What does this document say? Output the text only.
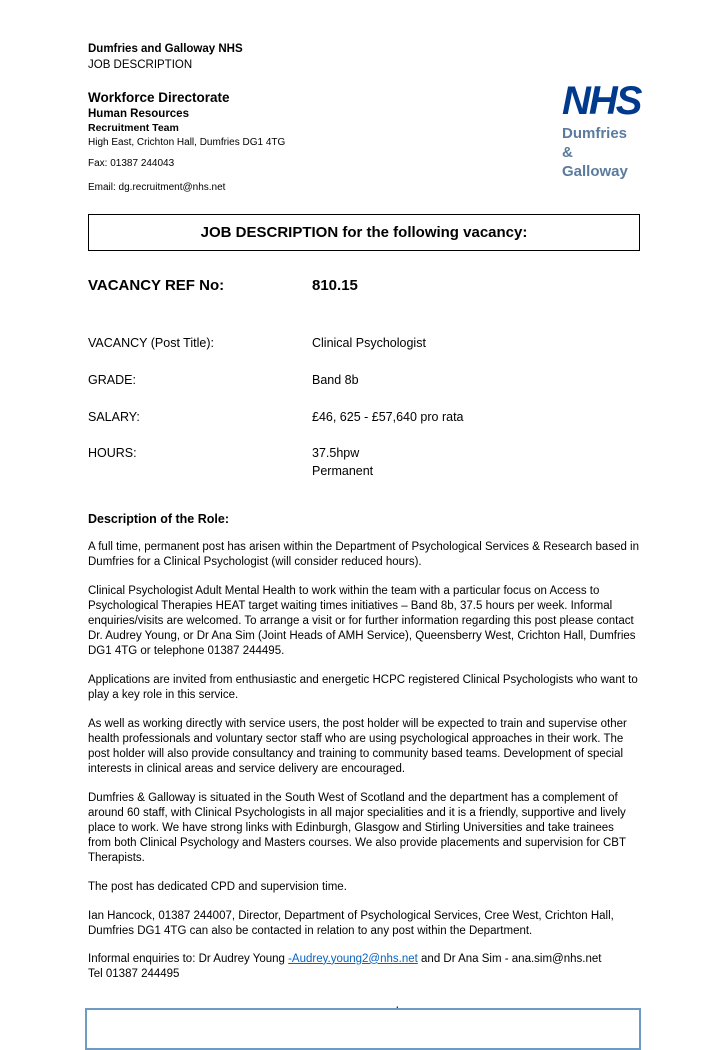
Dumfries and Galloway NHS
JOB DESCRIPTION
Workforce Directorate
Human Resources
Recruitment Team
High East, Crichton Hall, Dumfries DG1 4TG
Fax: 01387 244043
Email: dg.recruitment@nhs.net
NHS
Dumfries
& Galloway
JOB DESCRIPTION for the following vacancy:
VACANCY REF No:	810.15
VACANCY (Post Title):	Clinical Psychologist
GRADE:	Band 8b
SALARY:	£46, 625 - £57,640 pro rata
HOURS:	37.5hpw
Permanent
Description of the Role:

A full time, permanent post has arisen within the Department of Psychological Services & Research based in Dumfries for a Clinical Psychologist (will consider reduced hours).

Clinical Psychologist Adult Mental Health to work within the team with a particular focus on Access to Psychological Therapies HEAT target waiting times initiatives – Band 8b, 37.5 hours per week. Informal enquiries/visits are welcomed. To arrange a visit or for further information regarding this post please contact Dr. Audrey Young, or Dr Ana Sim (Joint Heads of AMH Service), Queensberry West, Crichton Hall, Dumfries DG1 4TG or telephone 01387 244495.

Applications are invited from enthusiastic and energetic HCPC registered Clinical Psychologists who want to play a key role in this service.

As well as working directly with service users, the post holder will be expected to train and supervise other health professionals and voluntary sector staff who are using psychological approaches in their work. The post holder will also provide consultancy and training to community based teams. Development of special interests in clinical areas and service delivery are encouraged.

Dumfries & Galloway is situated in the South West of Scotland and the department has a complement of around 60 staff, with Clinical Psychologists in all major specialities and it is a friendly, supportive and lively place to work. We have strong links with Edinburgh, Glasgow and Stirling Universities and take trainees from both Clinical Psychology and Masters courses. We also provide placements and supervision for CBT Therapists.

The post has dedicated CPD and supervision time.

Ian Hancock, 01387 244007, Director, Department of Psychological Services, Cree West, Crichton Hall, Dumfries DG1 4TG can also be contacted in relation to any post within the Department.

Informal enquiries to: Dr Audrey Young -Audrey.young2@nhs.net and Dr Ana Sim - ana.sim@nhs.net
Tel 01387 244495
